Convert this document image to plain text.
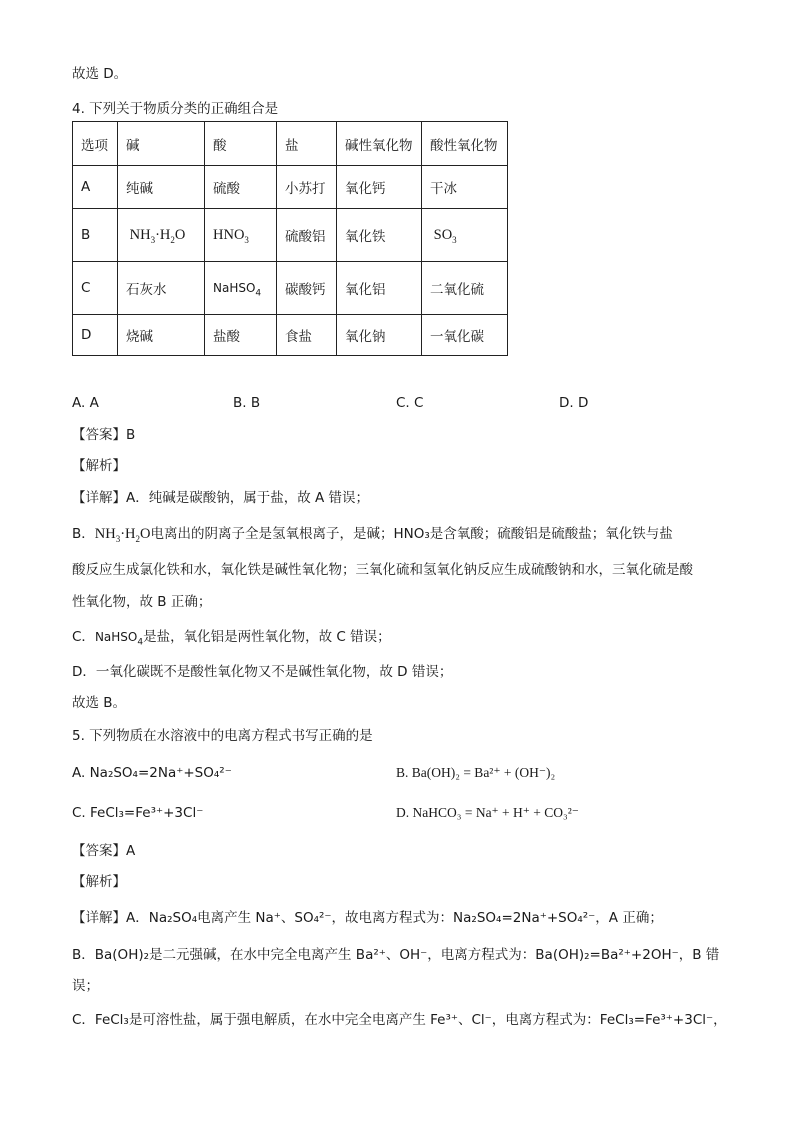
故选 D。
4. 下列关于物质分类的正确组合是
选项	碱	酸	盐	碱性氧化物	酸性氧化物
A	纯碱	硫酸	小苏打	氧化钙	干冰
B	$NH_3\cdot H_2O$	$HNO_3$	硫酸铝	氧化铁	$SO_3$
C	石灰水	NaHSO$_4$	碳酸钙	氧化铝	二氧化硫
D	烧碱	盐酸	食盐	氧化钠	一氧化碳
A. A	B. B	C. C	D. D
【答案】B
【解析】
【详解】A．纯碱是碳酸钠，属于盐，故 A 错误；
B．$NH_3\cdot H_2O$电离出的阴离子全是氢氧根离子，是碱；HNO₃是含氧酸；硫酸铝是硫酸盐；氧化铁与盐
酸反应生成氯化铁和水，氧化铁是碱性氧化物；三氧化硫和氢氧化钠反应生成硫酸钠和水，三氧化硫是酸
性氧化物，故 B 正确；
C．NaHSO$_4$是盐，氧化铝是两性氧化物，故 C 错误；
D．一氧化碳既不是酸性氧化物又不是碱性氧化物，故 D 错误；
故选 B。
5. 下列物质在水溶液中的电离方程式书写正确的是
A. Na₂SO₄=2Na⁺+SO₄²⁻	B. Ba(OH)₂ = Ba²⁺ + (OH⁻)₂
C. FeCl₃=Fe³⁺+3Cl⁻	D. NaHCO₃ = Na⁺ + H⁺ + CO₃²⁻
【答案】A
【解析】
【详解】A．Na₂SO₄电离产生 Na⁺、SO₄²⁻，故电离方程式为：Na₂SO₄=2Na⁺+SO₄²⁻，A 正确；
B．Ba(OH)₂是二元强碱，在水中完全电离产生 Ba²⁺、OH⁻，电离方程式为：Ba(OH)₂=Ba²⁺+2OH⁻，B 错
误；
C．FeCl₃是可溶性盐，属于强电解质，在水中完全电离产生 Fe³⁺、Cl⁻，电离方程式为：FeCl₃=Fe³⁺+3Cl⁻，
